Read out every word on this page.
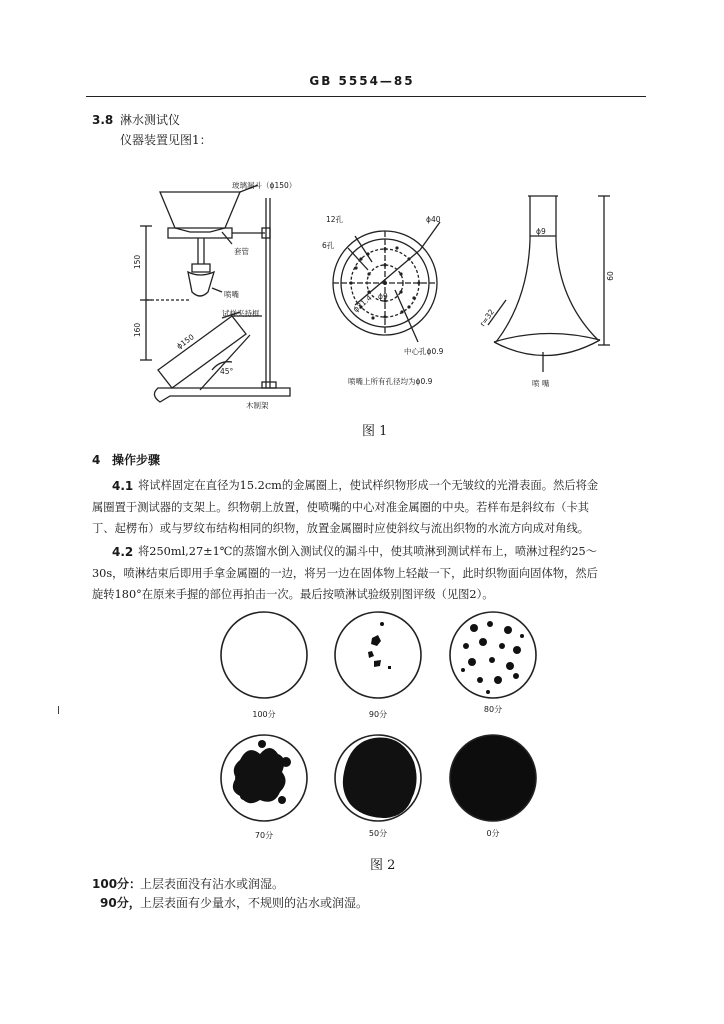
GB 5554—85
3.8 淋水测试仪
仪器装置见图1：
玻璃漏斗（ϕ150）
套管
喷嘴
试样夹持框
ϕ150
150
160
45°
木制架
12孔
6孔
ϕ40
ϕ21.4 ϕ9
中心孔ϕ0.9
喷嘴上所有孔径均为ϕ0.9
ϕ9
60
r=32
喷 嘴
图 1
4 操作步骤
4.1 将试样固定在直径为15.2cm的金属圈上，使试样织物形成一个无皱纹的光滑表面。然后将金
属圈置于测试器的支架上。织物朝上放置，使喷嘴的中心对准金属圈的中央。若样布是斜纹布（卡其
丁、起楞布）或与罗纹布结构相同的织物，放置金属圈时应使斜纹与流出织物的水流方向成对角线。
4.2 将250ml,27±1℃的蒸馏水倒入测试仪的漏斗中，使其喷淋到测试样布上，喷淋过程约25～
30s，喷淋结束后即用手拿金属圈的一边，将另一边在固体物上轻敲一下，此时织物面向固体物，然后
旋转180°在原来手握的部位再拍击一次。最后按喷淋试验级别图评级（见图2）。
100分	90分
80分
70分	50分	0分
图 2
100分：
上层表面没有沾水或润湿。
90分， 上层表面有少量水，不规则的沾水或润湿。
